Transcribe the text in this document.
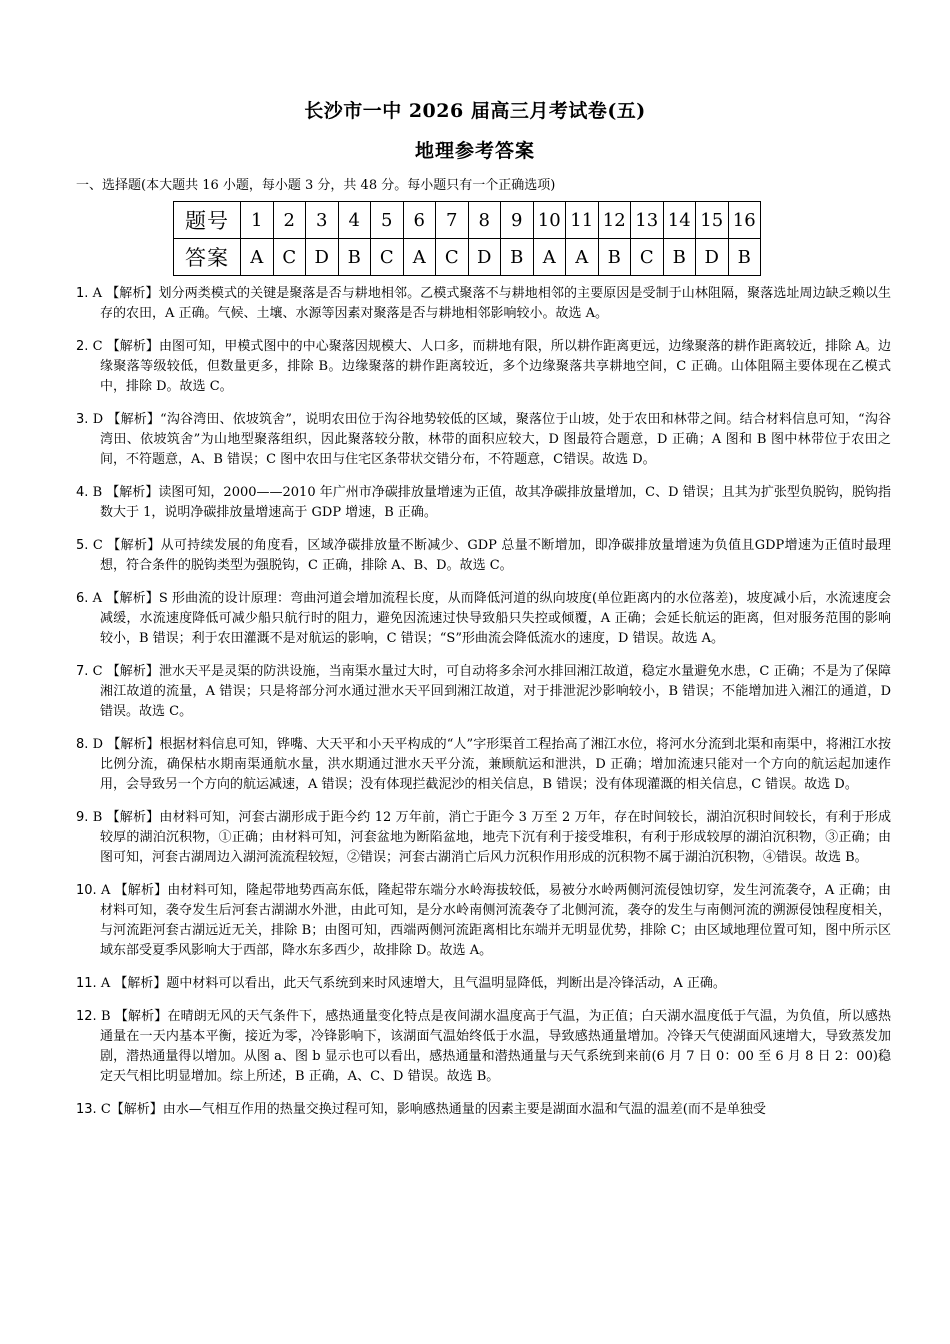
长沙市一中 2026 届高三月考试卷(五)
地理参考答案
一、选择题(本大题共 16 小题，每小题 3 分，共 48 分。每小题只有一个正确选项)
题号	1	2	3	4	5	6	7	8	9	10	11	12	13	14	15	16
答案	A	C	D	B	C	A	C	D	B	A	A	B	C	B	D	B

1. A 【解析】划分两类模式的关键是聚落是否与耕地相邻。乙模式聚落不与耕地相邻的主要原因是受制于山林阻隔，聚落选址周边缺乏赖以生存的农田，A 正确。气候、土壤、水源等因素对聚落是否与耕地相邻影响较小。故选 A。

2. C 【解析】由图可知，甲模式图中的中心聚落因规模大、人口多，而耕地有限，所以耕作距离更远，边缘聚落的耕作距离较近，排除 A。边缘聚落等级较低，但数量更多，排除 B。边缘聚落的耕作距离较近，多个边缘聚落共享耕地空间，C 正确。山体阻隔主要体现在乙模式中，排除 D。故选 C。

3. D 【解析】“沟谷湾田、依坡筑舍”，说明农田位于沟谷地势较低的区域，聚落位于山坡，处于农田和林带之间。结合材料信息可知，“沟谷湾田、依坡筑舍”为山地型聚落组织，因此聚落较分散，林带的面积应较大，D 图最符合题意，D 正确；A 图和 B 图中林带位于农田之间，不符题意，A、B 错误；C 图中农田与住宅区条带状交错分布，不符题意，C错误。故选 D。

4. B 【解析】读图可知，2000——2010 年广州市净碳排放量增速为正值，故其净碳排放量增加，C、D 错误；且其为扩张型负脱钩，脱钩指数大于 1，说明净碳排放量增速高于 GDP 增速，B 正确。

5. C 【解析】从可持续发展的角度看，区域净碳排放量不断减少、GDP 总量不断增加，即净碳排放量增速为负值且GDP增速为正值时最理想，符合条件的脱钩类型为强脱钩，C 正确，排除 A、B、D。故选 C。

6. A 【解析】S 形曲流的设计原理：弯曲河道会增加流程长度，从而降低河道的纵向坡度(单位距离内的水位落差)，坡度减小后，水流速度会减缓，水流速度降低可减少船只航行时的阻力，避免因流速过快导致船只失控或倾覆，A 正确；会延长航运的距离，但对服务范围的影响较小，B 错误；利于农田灌溉不是对航运的影响，C 错误；“S”形曲流会降低流水的速度，D 错误。故选 A。

7. C 【解析】泄水天平是灵渠的防洪设施，当南渠水量过大时，可自动将多余河水排回湘江故道，稳定水量避免水患，C 正确；不是为了保障湘江故道的流量，A 错误；只是将部分河水通过泄水天平回到湘江故道，对于排泄泥沙影响较小，B 错误；不能增加进入湘江的通道，D 错误。故选 C。

8. D 【解析】根据材料信息可知，铧嘴、大天平和小天平构成的“人”字形渠首工程抬高了湘江水位，将河水分流到北渠和南渠中，将湘江水按比例分流，确保枯水期南渠通航水量，洪水期通过泄水天平分流，兼顾航运和泄洪，D 正确；增加流速只能对一个方向的航运起加速作用，会导致另一个方向的航运减速，A 错误；没有体现拦截泥沙的相关信息，B 错误；没有体现灌溉的相关信息，C 错误。故选 D。

9. B 【解析】由材料可知，河套古湖形成于距今约 12 万年前，消亡于距今 3 万至 2 万年，存在时间较长，湖泊沉积时间较长，有利于形成较厚的湖泊沉积物，①正确；由材料可知，河套盆地为断陷盆地，地壳下沉有利于接受堆积，有利于形成较厚的湖泊沉积物，③正确；由图可知，河套古湖周边入湖河流流程较短，②错误；河套古湖消亡后风力沉积作用形成的沉积物不属于湖泊沉积物，④错误。故选 B。

10. A 【解析】由材料可知，隆起带地势西高东低，隆起带东端分水岭海拔较低，易被分水岭两侧河流侵蚀切穿，发生河流袭夺，A 正确；由材料可知，袭夺发生后河套古湖湖水外泄，由此可知，是分水岭南侧河流袭夺了北侧河流，袭夺的发生与南侧河流的溯源侵蚀程度相关，与河流距河套古湖远近无关，排除 B；由图可知，西端两侧河流距离相比东端并无明显优势，排除 C；由区域地理位置可知，图中所示区域东部受夏季风影响大于西部，降水东多西少，故排除 D。故选 A。

11. A 【解析】题中材料可以看出，此天气系统到来时风速增大，且气温明显降低，判断出是冷锋活动，A 正确。

12. B 【解析】在晴朗无风的天气条件下，感热通量变化特点是夜间湖水温度高于气温，为正值；白天湖水温度低于气温，为负值，所以感热通量在一天内基本平衡，接近为零，冷锋影响下，该湖面气温始终低于水温，导致感热通量增加。冷锋天气使湖面风速增大，导致蒸发加剧，潜热通量得以增加。从图 a、图 b 显示也可以看出，感热通量和潜热通量与天气系统到来前(6 月 7 日 0：00 至 6 月 8 日 2：00)稳定天气相比明显增加。综上所述，B 正确，A、C、D 错误。故选 B。

13. C【解析】由水—气相互作用的热量交换过程可知，影响感热通量的因素主要是湖面水温和气温的温差(而不是单独受
